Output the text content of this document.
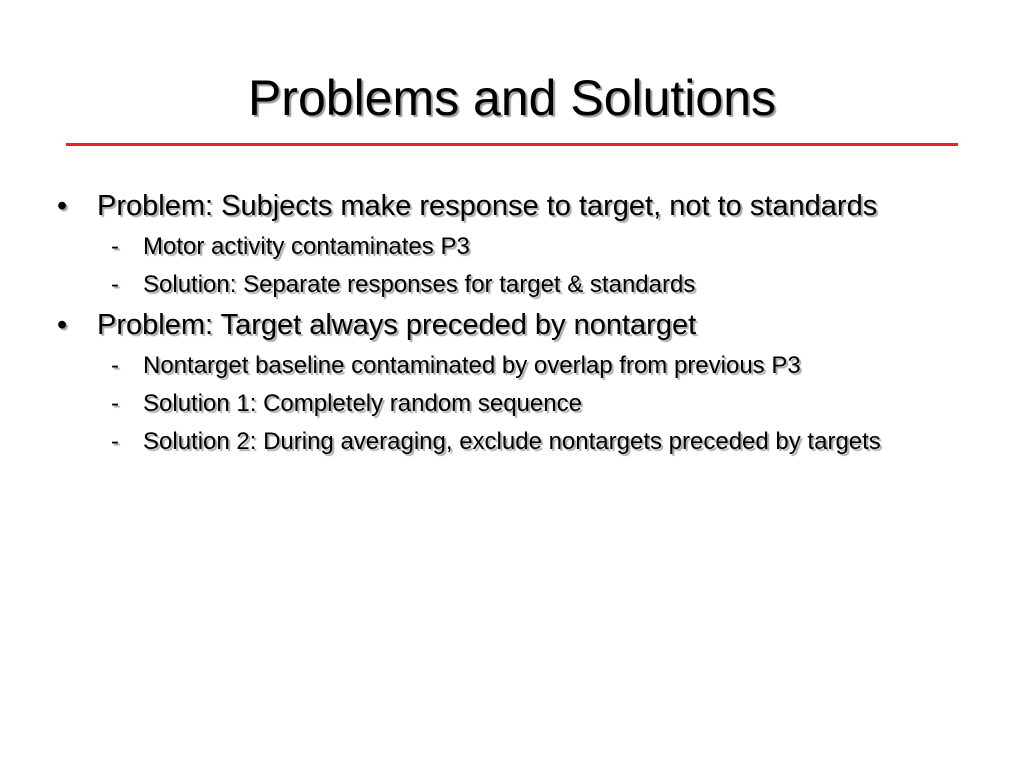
Problems and Solutions
•	Problem: Subjects make response to target, not to standards
- Motor activity contaminates P3
- Solution: Separate responses for target & standards
•	Problem: Target always preceded by nontarget
- Nontarget baseline contaminated by overlap from previous P3
- Solution 1: Completely random sequence
- Solution 2: During averaging, exclude nontargets preceded by targets
